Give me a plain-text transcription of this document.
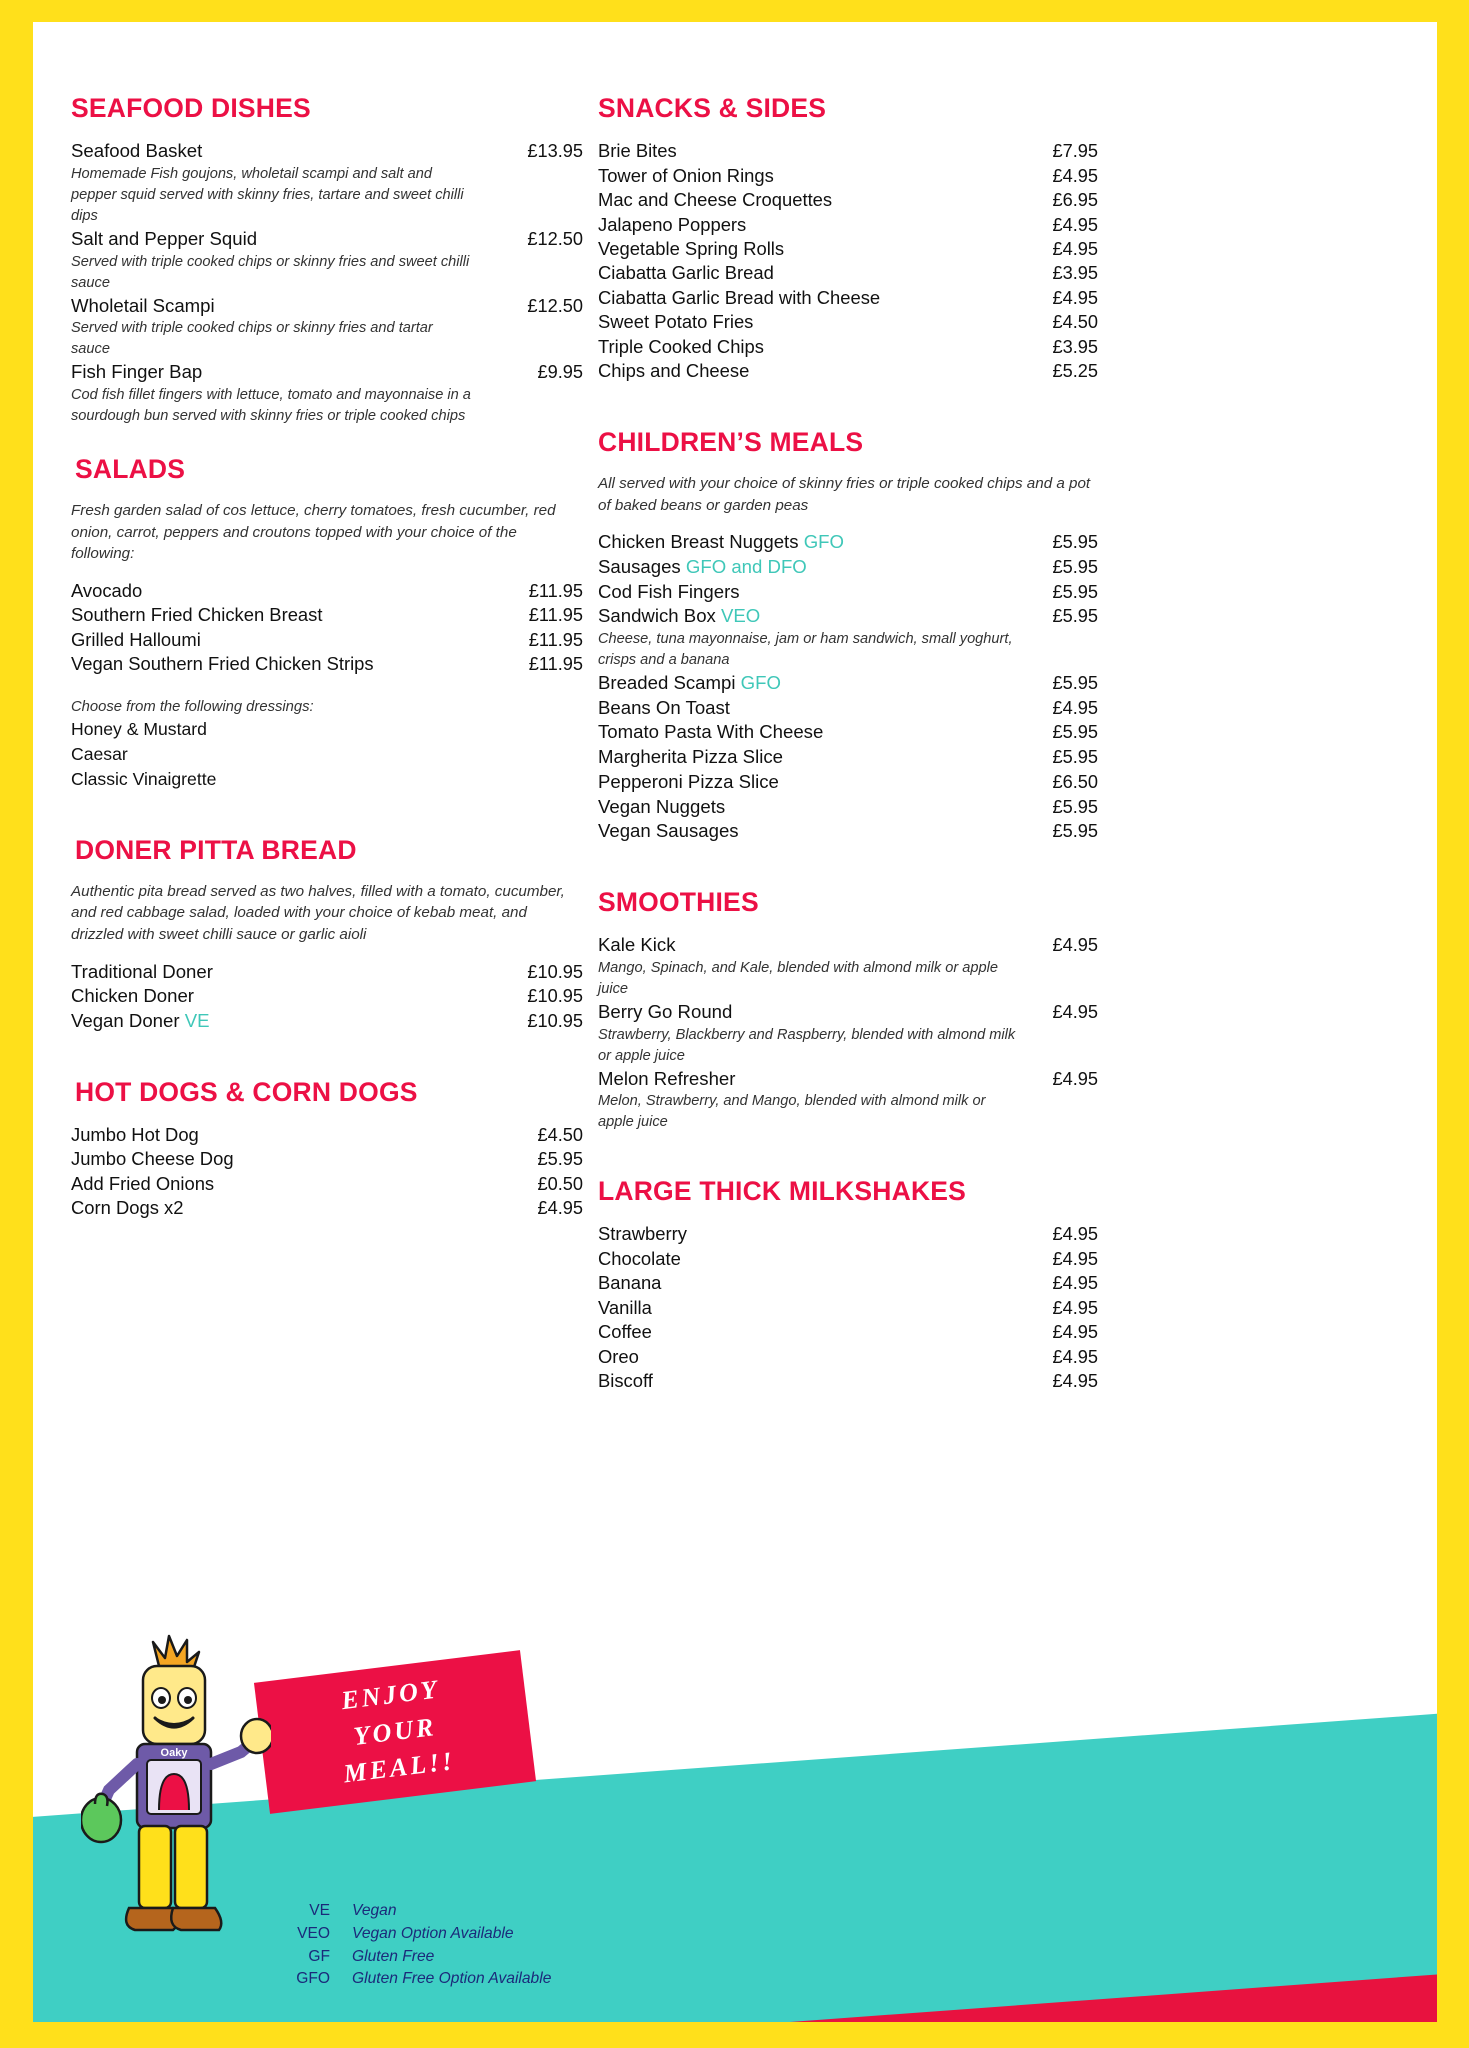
SEAFOOD DISHES
Seafood Basket	£13.95
Homemade Fish goujons, wholetail scampi and salt and pepper squid served with skinny fries, tartare and sweet chilli dips
Salt and Pepper Squid	£12.50
Served with triple cooked chips or skinny fries and sweet chilli sauce
Wholetail Scampi	£12.50
Served with triple cooked chips or skinny fries and tartar sauce
Fish Finger Bap	£9.95
Cod fish fillet fingers with lettuce, tomato and mayonnaise in a sourdough bun served with skinny fries or triple cooked chips
SALADS
Fresh garden salad of cos lettuce, cherry tomatoes, fresh cucumber, red onion, carrot, peppers and croutons topped with your choice of the following:
Avocado	£11.95
Southern Fried Chicken Breast	£11.95
Grilled Halloumi	£11.95
Vegan Southern Fried Chicken Strips	£11.95
Choose from the following dressings:
Honey & Mustard
Caesar
Classic Vinaigrette
DONER PITTA BREAD
Authentic pita bread served as two halves, filled with a tomato, cucumber, and red cabbage salad, loaded with your choice of kebab meat, and drizzled with sweet chilli sauce or garlic aioli
Traditional Doner	£10.95
Chicken Doner	£10.95
Vegan Doner VE	£10.95
HOT DOGS & CORN DOGS
Jumbo Hot Dog	£4.50
Jumbo Cheese Dog	£5.95
Add Fried Onions	£0.50
Corn Dogs x2	£4.95
SNACKS & SIDES
Brie Bites	£7.95
Tower of Onion Rings	£4.95
Mac and Cheese Croquettes	£6.95
Jalapeno Poppers	£4.95
Vegetable Spring Rolls	£4.95
Ciabatta Garlic Bread	£3.95
Ciabatta Garlic Bread with Cheese	£4.95
Sweet Potato Fries	£4.50
Triple Cooked Chips	£3.95
Chips and Cheese	£5.25
CHILDREN’S MEALS
All served with your choice of skinny fries or triple cooked chips and a pot of baked beans or garden peas
Chicken Breast Nuggets GFO	£5.95
Sausages GFO and DFO	£5.95
Cod Fish Fingers	£5.95
Sandwich Box VEO	£5.95
Cheese, tuna mayonnaise, jam or ham sandwich, small yoghurt, crisps and a banana
Breaded Scampi GFO	£5.95
Beans On Toast	£4.95
Tomato Pasta With Cheese	£5.95
Margherita Pizza Slice	£5.95
Pepperoni Pizza Slice	£6.50
Vegan Nuggets	£5.95
Vegan Sausages	£5.95
SMOOTHIES
Kale Kick	£4.95
Mango, Spinach, and Kale, blended with almond milk or apple juice
Berry Go Round	£4.95
Strawberry, Blackberry and Raspberry, blended with almond milk or apple juice
Melon Refresher	£4.95
Melon, Strawberry, and Mango, blended with almond milk or apple juice
LARGE THICK MILKSHAKES
Strawberry	£4.95
Chocolate	£4.95
Banana	£4.95
Vanilla	£4.95
Coffee	£4.95
Oreo	£4.95
Biscoff	£4.95
Oaky
ENJOY
YOUR
MEAL!!
VE	Vegan
VEO	Vegan Option Available
GF	Gluten Free
GFO	Gluten Free Option Available
